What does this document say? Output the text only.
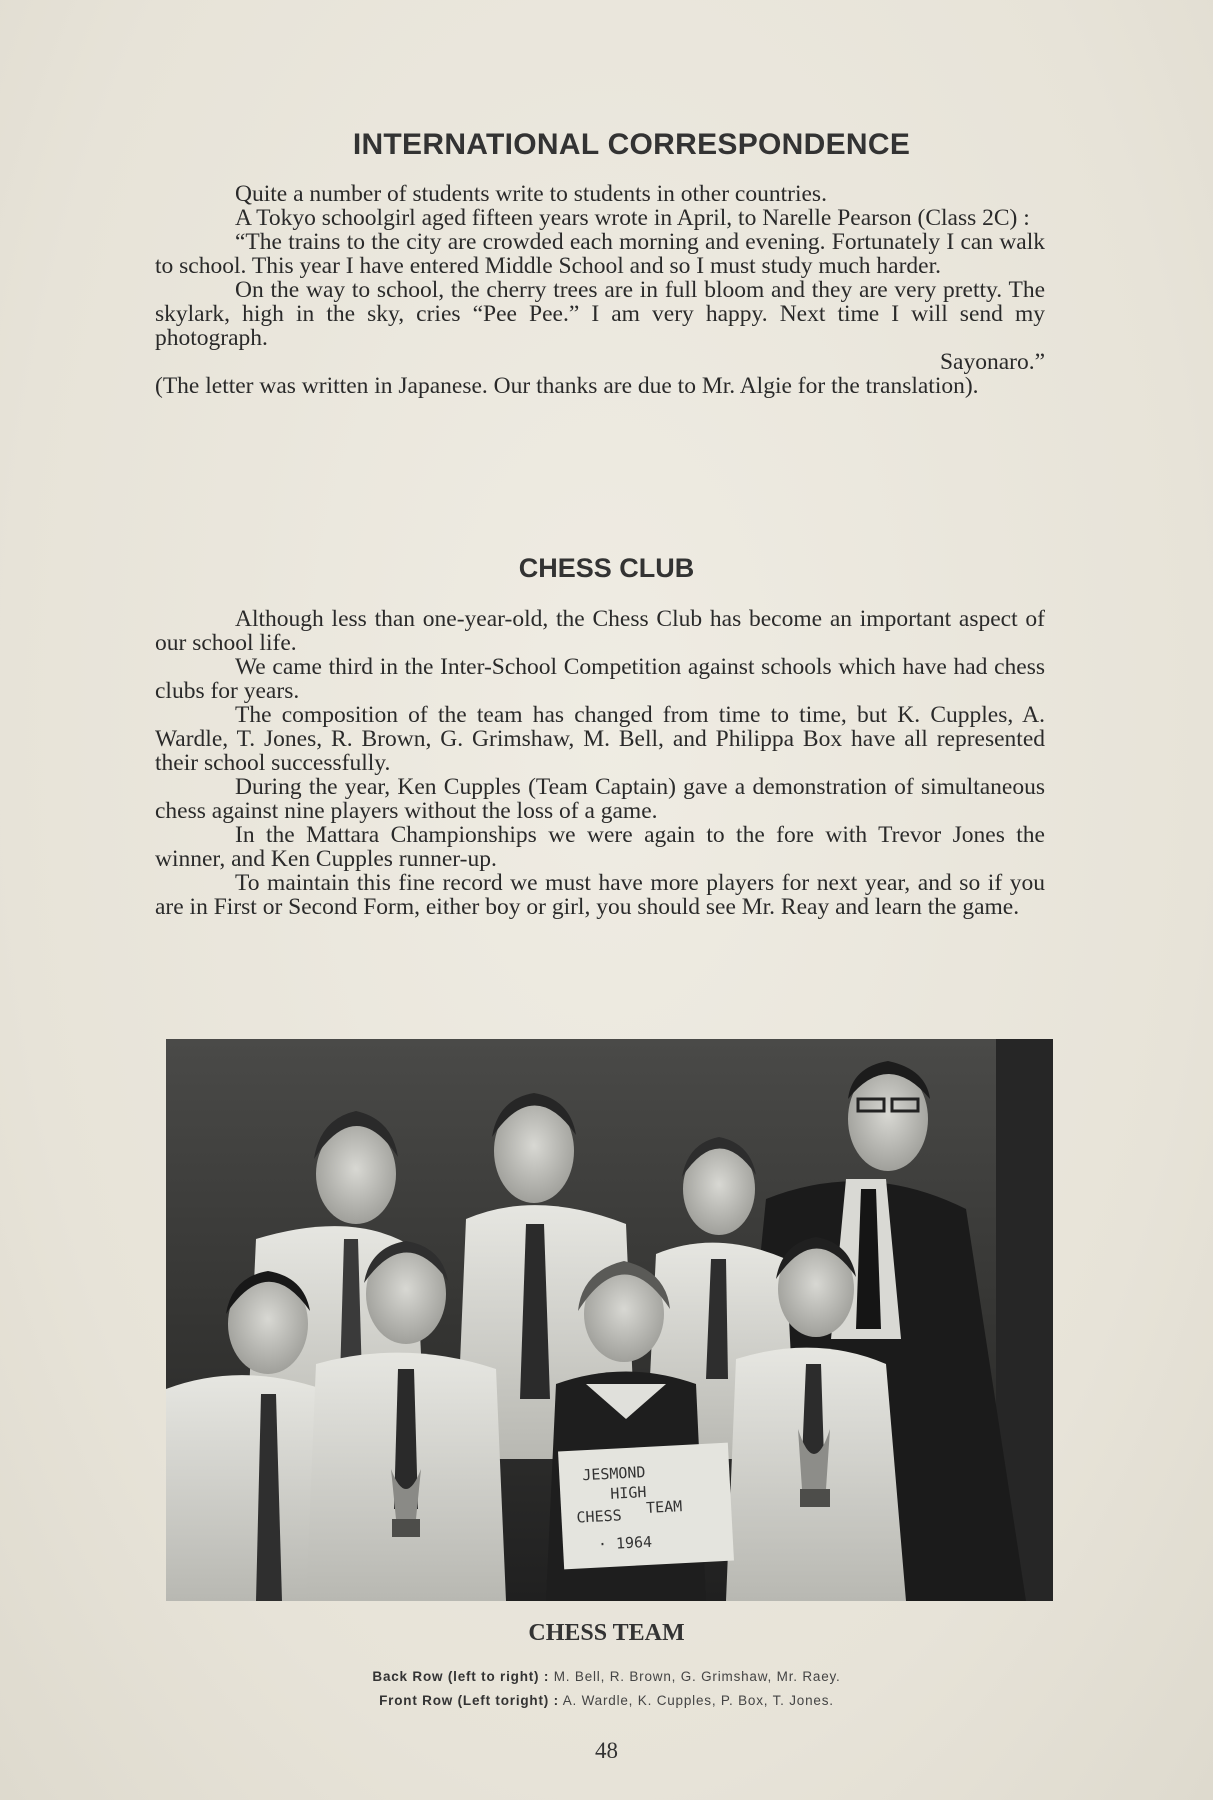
INTERNATIONAL CORRESPONDENCE

Quite a number of students write to students in other countries.

A Tokyo schoolgirl aged fifteen years wrote in April, to Narelle Pearson (Class 2C) :

“The trains to the city are crowded each morning and evening. Fortunately I can walk to school. This year I have entered Middle School and so I must study much harder.

On the way to school, the cherry trees are in full bloom and they are very pretty. The skylark, high in the sky, cries “Pee Pee.” I am very happy. Next time I will send my photograph.

Sayonaro.”

(The letter was written in Japanese. Our thanks are due to Mr. Algie for the translation).

CHESS CLUB

Although less than one-year-old, the Chess Club has become an important aspect of our school life.

We came third in the Inter-School Competition against schools which have had chess clubs for years.

The composition of the team has changed from time to time, but K. Cupples, A. Wardle, T. Jones, R. Brown, G. Grimshaw, M. Bell, and Philippa Box have all represented their school successfully.

During the year, Ken Cupples (Team Captain) gave a demonstration of simultaneous chess against nine players without the loss of a game.

In the Mattara Championships we were again to the fore with Trevor Jones the winner, and Ken Cupples runner-up.

To maintain this fine record we must have more players for next year, and so if you are in First or Second Form, either boy or girl, you should see Mr. Reay and learn the game.

JESMOND
HIGH
CHESS TEAM
· 1964
CHESS TEAM
Back Row (left to right) : M. Bell, R. Brown, G. Grimshaw, Mr. Raey.
Front Row (Left toright) : A. Wardle, K. Cupples, P. Box, T. Jones.
48
